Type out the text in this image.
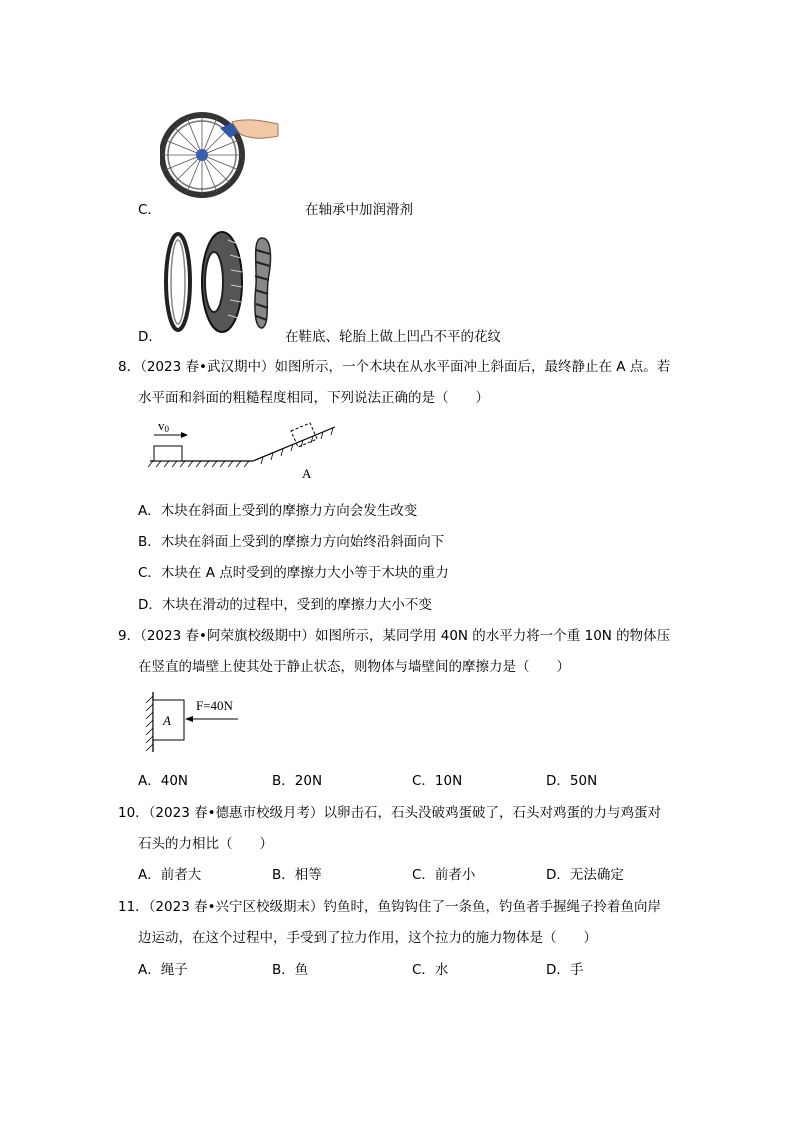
C．	在轴承中加润滑剂
D．	在鞋底、轮胎上做上凹凸不平的花纹
8．（2023 春•武汉期中）如图所示，一个木块在从水平面冲上斜面后，最终静止在 A 点。若
水平面和斜面的粗糙程度相同，下列说法正确的是（　　）
v0
A
A．木块在斜面上受到的摩擦力方向会发生改变
B．木块在斜面上受到的摩擦力方向始终沿斜面向下
C．木块在 A 点时受到的摩擦力大小等于木块的重力
D．木块在滑动的过程中，受到的摩擦力大小不变
9．（2023 春•阿荣旗校级期中）如图所示，某同学用 40N 的水平力将一个重 10N 的物体压
在竖直的墙壁上使其处于静止状态，则物体与墙壁间的摩擦力是（　　）
A
F=40N
A．40N	B．20N	C．10N	D．50N
10．（2023 春•德惠市校级月考）以卵击石，石头没破鸡蛋破了，石头对鸡蛋的力与鸡蛋对
石头的力相比（　　）
A．前者大	B．相等	C．前者小	D．无法确定
11．（2023 春•兴宁区校级期末）钓鱼时，鱼钩钩住了一条鱼，钓鱼者手握绳子拎着鱼向岸
边运动，在这个过程中，手受到了拉力作用，这个拉力的施力物体是（　　）
A．绳子	B．鱼	C．水	D．手
